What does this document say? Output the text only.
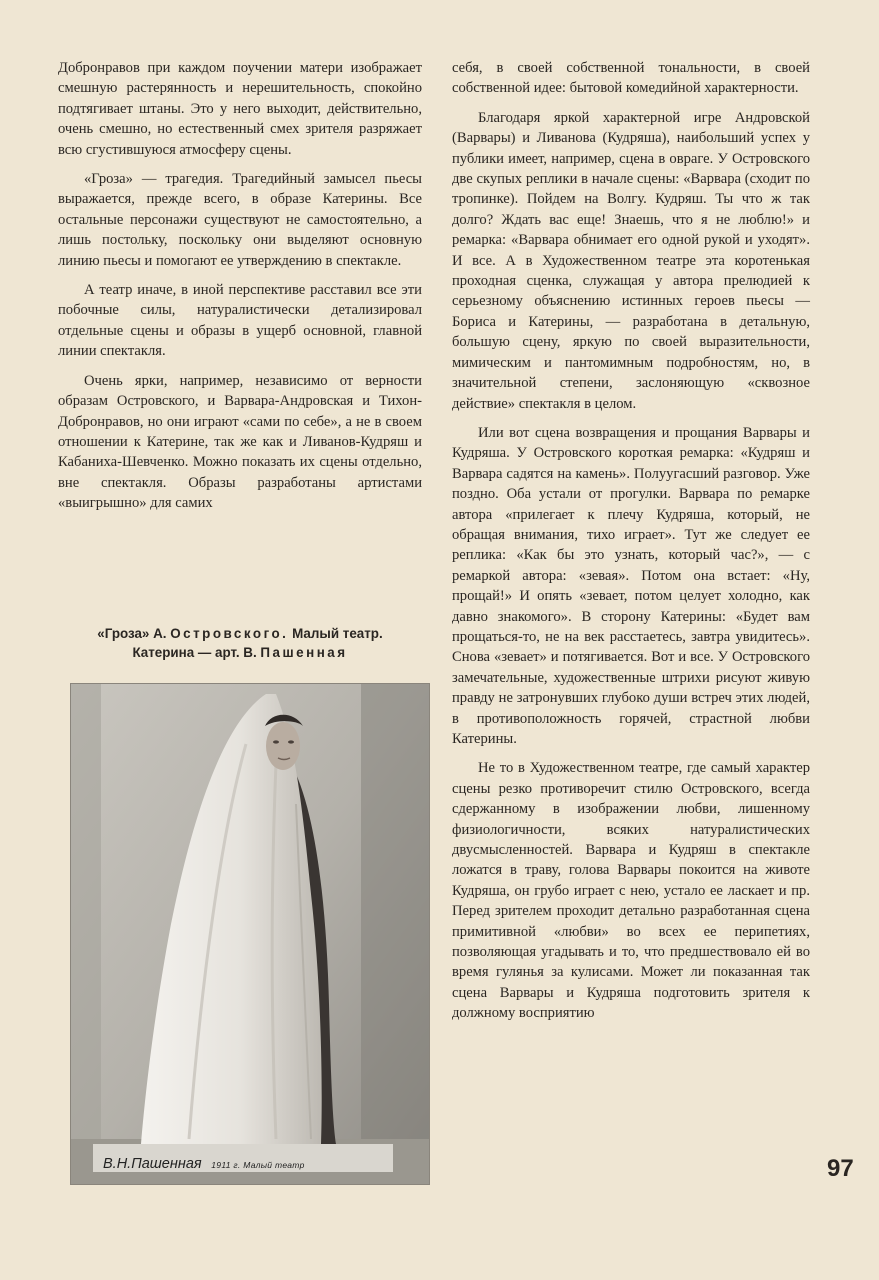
Добронравов при каждом поучении матери изображает смешную растерянность и нерешительность, спокойно подтягивает штаны. Это у него выходит, действительно, очень смешно, но естественный смех зрителя разряжает всю сгустившуюся атмосферу сцены.

«Гроза» — трагедия. Трагедийный замысел пьесы выражается, прежде всего, в образе Катерины. Все остальные персонажи существуют не самостоятельно, а лишь постольку, поскольку они выделяют основную линию пьесы и помогают ее утверждению в спектакле.

А театр иначе, в иной перспективе расставил все эти побочные силы, натуралистически детализировал отдельные сцены и образы в ущерб основной, главной линии спектакля.

Очень ярки, например, независимо от верности образам Островского, и Варвара-Андровская и Тихон-Добронравов, но они играют «сами по себе», а не в своем отношении к Катерине, так же как и Ливанов-Кудряш и Кабаниха-Шевченко. Можно показать их сцены отдельно, вне спектакля. Образы разработаны артистами «выигрышно» для самих

«Гроза» А. Островского. Малый театр.
Катерина — арт. В. Пашенная
В.Н.Пашенная 1911 г. Малый театр

себя, в своей собственной тональности, в своей собственной идее: бытовой комедийной характерности.

Благодаря яркой характерной игре Андровской (Варвары) и Ливанова (Кудряша), наибольший успех у публики имеет, например, сцена в овраге. У Островского две скупых реплики в начале сцены: «Варвара (сходит по тропинке). Пойдем на Волгу. Кудряш. Ты что ж так долго? Ждать вас еще! Знаешь, что я не люблю!» и ремарка: «Варвара обнимает его одной рукой и уходят». И все. А в Художественном театре эта коротенькая проходная сценка, служащая у автора прелюдией к серьезному объяснению истинных героев пьесы — Бориса и Катерины, — разработана в детальную, большую сцену, яркую по своей выразительности, мимическим и пантомимным подробностям, но, в значительной степени, заслоняющую «сквозное действие» спектакля в целом.

Или вот сцена возвращения и прощания Варвары и Кудряша. У Островского короткая ремарка: «Кудряш и Варвара садятся на камень». Полуугасший разговор. Уже поздно. Оба устали от прогулки. Варвара по ремарке автора «прилегает к плечу Кудряша, который, не обращая внимания, тихо играет». Тут же следует ее реплика: «Как бы это узнать, который час?», — с ремаркой автора: «зевая». Потом она встает: «Ну, прощай!» И опять «зевает, потом целует холодно, как давно знакомого». В сторону Катерины: «Будет вам прощаться-то, не на век расстаетесь, завтра увидитесь». Снова «зевает» и потягивается. Вот и все. У Островского замечательные, художественные штрихи рисуют живую правду не затронувших глубоко души встреч этих людей, в противоположность горячей, страстной любви Катерины.

Не то в Художественном театре, где самый характер сцены резко противоречит стилю Островского, всегда сдержанному в изображении любви, лишенному физиологичности, всяких натуралистических двусмысленностей. Варвара и Кудряш в спектакле ложатся в траву, голова Варвары покоится на животе Кудряша, он грубо играет с нею, устало ее ласкает и пр. Перед зрителем проходит детально разработанная сцена примитивной «любви» во всех ее перипетиях, позволяющая угадывать и то, что предшествовало ей во время гулянья за кулисами. Может ли показанная так сцена Варвары и Кудряша подготовить зрителя к должному восприятию

97
